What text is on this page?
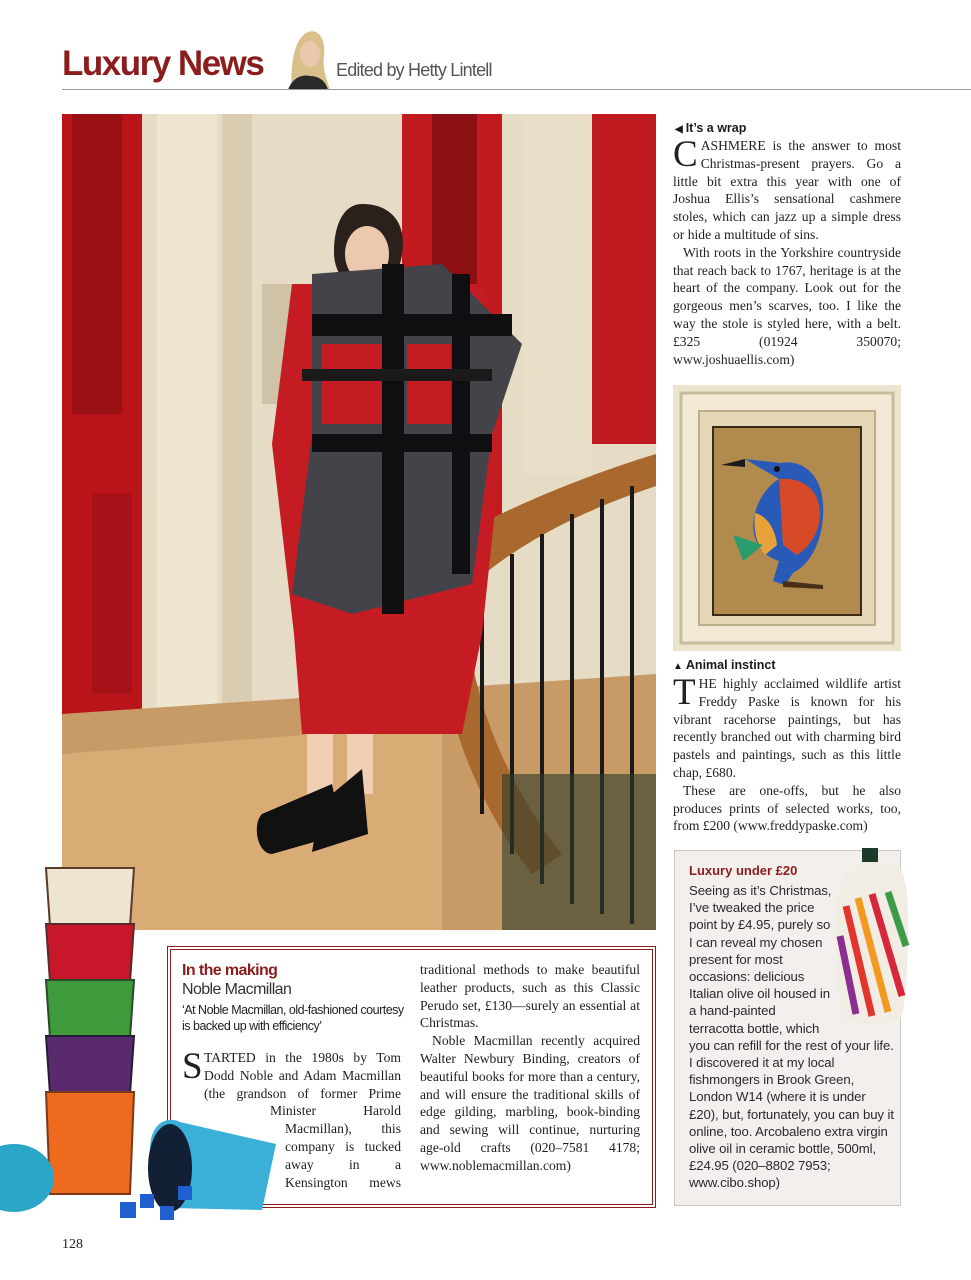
Luxury News	Edited by Hetty Lintell
◀ It’s a wrap

CASHMERE is the answer to most Christmas-present prayers. Go a little bit extra this year with one of Joshua Ellis’s sensational cashmere stoles, which can jazz up a simple dress or hide a multitude of sins.

With roots in the Yorkshire countryside that reach back to 1767, heritage is at the heart of the company. Look out for the gorgeous men’s scarves, too. I like the way the stole is styled here, with a belt. £325 (01924 350070; www.joshuaellis.com)

▲ Animal instinct

THE highly acclaimed wildlife artist Freddy Paske is known for his vibrant racehorse paintings, but has recently branched out with charming bird pastels and paintings, such as this little chap, £680.

These are one-offs, but he also produces prints of selected works, too, from £200 (www.freddypaske.com)

Luxury under £20
Seeing as it’s Christmas, I’ve tweaked the price point by £4.95, purely so I can reveal my chosen present for most occasions: delicious Italian olive oil housed in a hand-painted terracotta bottle, which you can refill for the rest of your life. I discovered it at my local fishmongers in Brook Green, London W14 (where it is under £20), but, fortunately, you can buy it online, too. Arcobaleno extra virgin olive oil in ceramic bottle, 500ml, £24.95 (020–8802 7953; www.cibo.shop)
In the making
Noble Macmillan
‘At Noble Macmillan, old-fashioned courtesy is backed up with efficiency’
S TARTED in the 1980s by Tom Dodd Noble and Adam Macmillan (the grandson of former Prime Minister Harold Macmillan), this company is tucked away in a Kensington mews

traditional methods to make beautiful leather products, such as this Classic Perudo set, £130—surely an essential at Christmas.

Noble Macmillan recently acquired Walter Newbury Binding, creators of beautiful books for more than a century, and will ensure the traditional skills of edge gilding, marbling, book-binding and sewing will continue, nurturing age-old crafts (020–7581 4178; www.noblemacmillan.com)

128
